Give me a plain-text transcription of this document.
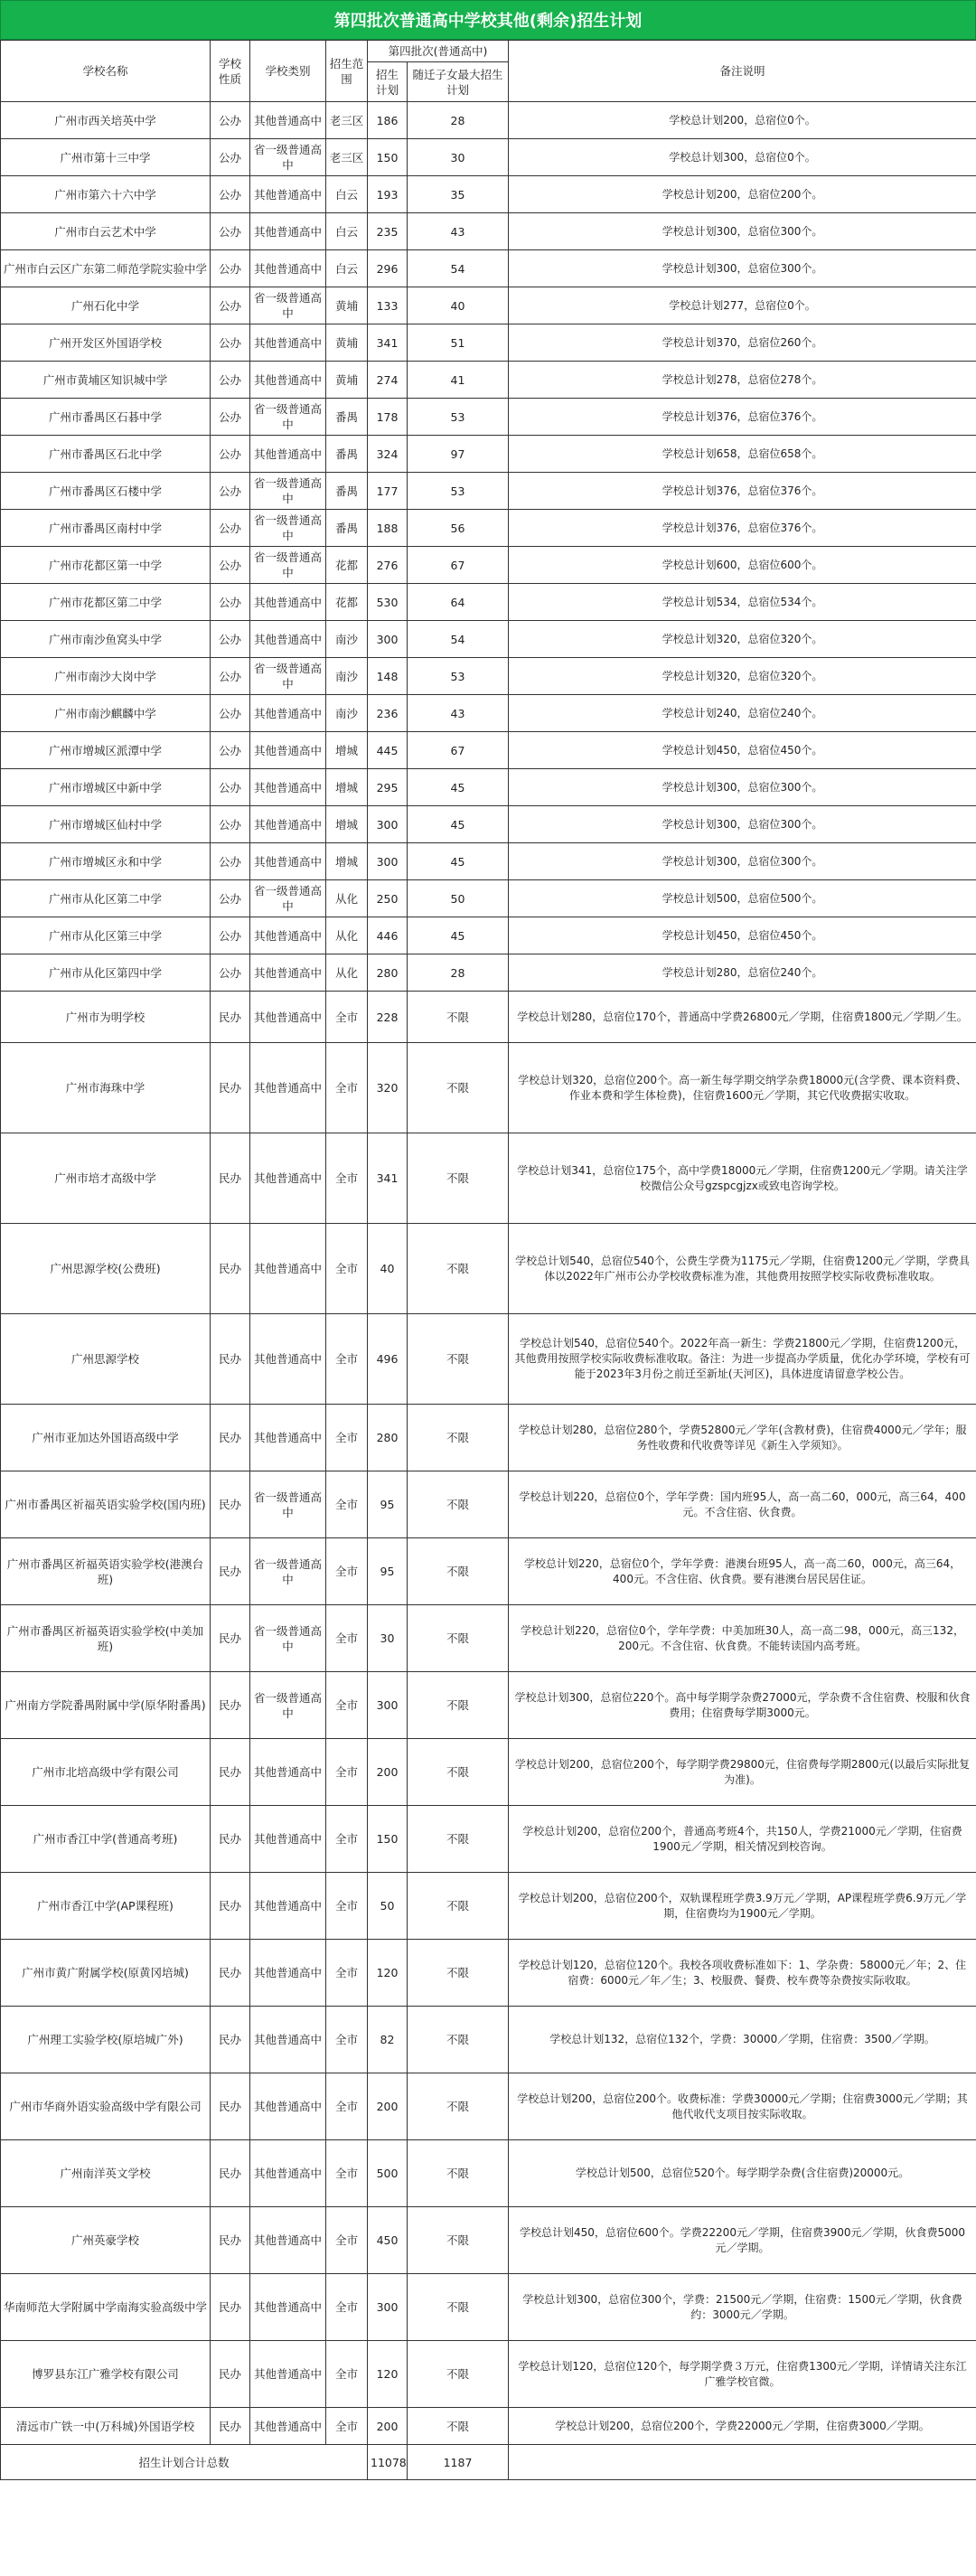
第四批次普通高中学校其他(剩余)招生计划
学校名称	学校性质	学校类别	招生范围	第四批次(普通高中)		备注说明
				招生计划	随迁子女最大招生计划	
广州市西关培英中学	公办	其他普通高中	老三区	186	28	学校总计划200，总宿位0个。
广州市第十三中学	公办	省一级普通高中	老三区	150	30	学校总计划300，总宿位0个。
广州市第六十六中学	公办	其他普通高中	白云	193	35	学校总计划200，总宿位200个。
广州市白云艺术中学	公办	其他普通高中	白云	235	43	学校总计划300，总宿位300个。
广州市白云区广东第二师范学院实验中学	公办	其他普通高中	白云	296	54	学校总计划300，总宿位300个。
广州石化中学	公办	省一级普通高中	黄埔	133	40	学校总计划277，总宿位0个。
广州开发区外国语学校	公办	其他普通高中	黄埔	341	51	学校总计划370，总宿位260个。
广州市黄埔区知识城中学	公办	其他普通高中	黄埔	274	41	学校总计划278，总宿位278个。
广州市番禺区石碁中学	公办	省一级普通高中	番禺	178	53	学校总计划376，总宿位376个。
广州市番禺区石北中学	公办	其他普通高中	番禺	324	97	学校总计划658，总宿位658个。
广州市番禺区石楼中学	公办	省一级普通高中	番禺	177	53	学校总计划376，总宿位376个。
广州市番禺区南村中学	公办	省一级普通高中	番禺	188	56	学校总计划376，总宿位376个。
广州市花都区第一中学	公办	省一级普通高中	花都	276	67	学校总计划600，总宿位600个。
广州市花都区第二中学	公办	其他普通高中	花都	530	64	学校总计划534，总宿位534个。
广州市南沙鱼窝头中学	公办	其他普通高中	南沙	300	54	学校总计划320，总宿位320个。
广州市南沙大岗中学	公办	省一级普通高中	南沙	148	53	学校总计划320，总宿位320个。
广州市南沙麒麟中学	公办	其他普通高中	南沙	236	43	学校总计划240，总宿位240个。
广州市增城区派潭中学	公办	其他普通高中	增城	445	67	学校总计划450，总宿位450个。
广州市增城区中新中学	公办	其他普通高中	增城	295	45	学校总计划300，总宿位300个。
广州市增城区仙村中学	公办	其他普通高中	增城	300	45	学校总计划300，总宿位300个。
广州市增城区永和中学	公办	其他普通高中	增城	300	45	学校总计划300，总宿位300个。
广州市从化区第二中学	公办	省一级普通高中	从化	250	50	学校总计划500，总宿位500个。
广州市从化区第三中学	公办	其他普通高中	从化	446	45	学校总计划450，总宿位450个。
广州市从化区第四中学	公办	其他普通高中	从化	280	28	学校总计划280，总宿位240个。
广州市为明学校	民办	其他普通高中	全市	228	不限	学校总计划280，总宿位170个，普通高中学费26800元／学期，住宿费1800元／学期／生。
广州市海珠中学	民办	其他普通高中	全市	320	不限	学校总计划320，总宿位200个。高一新生每学期交纳学杂费18000元(含学费、课本资料费、作业本费和学生体检费)，住宿费1600元／学期，其它代收费据实收取。
广州市培才高级中学	民办	其他普通高中	全市	341	不限	学校总计划341，总宿位175个，高中学费18000元／学期，住宿费1200元／学期。请关注学校微信公众号gzspcgjzx或致电咨询学校。
广州思源学校(公费班)	民办	其他普通高中	全市	40	不限	学校总计划540，总宿位540个，公费生学费为1175元／学期，住宿费1200元／学期，学费具体以2022年广州市公办学校收费标准为准，其他费用按照学校实际收费标准收取。
广州思源学校	民办	其他普通高中	全市	496	不限	学校总计划540，总宿位540个。2022年高一新生：学费21800元／学期，住宿费1200元，其他费用按照学校实际收费标准收取。备注：为进一步提高办学质量，优化办学环境，学校有可能于2023年3月份之前迁至新址(天河区)，具体进度请留意学校公告。
广州市亚加达外国语高级中学	民办	其他普通高中	全市	280	不限	学校总计划280，总宿位280个，学费52800元／学年(含教材费)，住宿费4000元／学年；服务性收费和代收费等详见《新生入学须知》。
广州市番禺区祈福英语实验学校(国内班)	民办	省一级普通高中	全市	95	不限	学校总计划220，总宿位0个，学年学费：国内班95人，高一高二60，000元，高三64，400元。不含住宿、伙食费。
广州市番禺区祈福英语实验学校(港澳台班)	民办	省一级普通高中	全市	95	不限	学校总计划220，总宿位0个，学年学费：港澳台班95人，高一高二60，000元，高三64，400元。不含住宿、伙食费。要有港澳台居民居住证。
广州市番禺区祈福英语实验学校(中美加班)	民办	省一级普通高中	全市	30	不限	学校总计划220，总宿位0个，学年学费：中美加班30人，高一高二98，000元，高三132，200元。不含住宿、伙食费。不能转读国内高考班。
广州南方学院番禺附属中学(原华附番禺)	民办	省一级普通高中	全市	300	不限	学校总计划300，总宿位220个。高中每学期学杂费27000元，学杂费不含住宿费、校服和伙食费用；住宿费每学期3000元。
广州市北培高级中学有限公司	民办	其他普通高中	全市	200	不限	学校总计划200，总宿位200个，每学期学费29800元，住宿费每学期2800元(以最后实际批复为准)。
广州市香江中学(普通高考班)	民办	其他普通高中	全市	150	不限	学校总计划200，总宿位200个，普通高考班4个，共150人，学费21000元／学期，住宿费1900元／学期，相关情况到校咨询。
广州市香江中学(AP课程班)	民办	其他普通高中	全市	50	不限	学校总计划200，总宿位200个，双轨课程班学费3.9万元／学期，AP课程班学费6.9万元／学期，住宿费均为1900元／学期。
广州市黄广附属学校(原黄冈培城)	民办	其他普通高中	全市	120	不限	学校总计划120，总宿位120个。我校各项收费标准如下：1、学杂费：58000元／年；2、住宿费：6000元／年／生；3、校服费、餐费、校车费等杂费按实际收取。
广州理工实验学校(原培城广外)	民办	其他普通高中	全市	82	不限	学校总计划132，总宿位132个，学费：30000／学期，住宿费：3500／学期。
广州市华商外语实验高级中学有限公司	民办	其他普通高中	全市	200	不限	学校总计划200，总宿位200个。收费标准：学费30000元／学期；住宿费3000元／学期；其他代收代支项目按实际收取。
广州南洋英文学校	民办	其他普通高中	全市	500	不限	学校总计划500，总宿位520个。每学期学杂费(含住宿费)20000元。
广州英豪学校	民办	其他普通高中	全市	450	不限	学校总计划450，总宿位600个。学费22200元／学期，住宿费3900元／学期，伙食费5000元／学期。
华南师范大学附属中学南海实验高级中学	民办	其他普通高中	全市	300	不限	学校总计划300，总宿位300个，学费：21500元／学期，住宿费：1500元／学期，伙食费约：3000元／学期。
博罗县东江广雅学校有限公司	民办	其他普通高中	全市	120	不限	学校总计划120，总宿位120个，每学期学费３万元，住宿费1300元／学期，详情请关注东江广雅学校官微。
清远市广铁一中(万科城)外国语学校	民办	其他普通高中	全市	200	不限	学校总计划200，总宿位200个，学费22000元／学期，住宿费3000／学期。
招生计划合计总数				11078	1187	
